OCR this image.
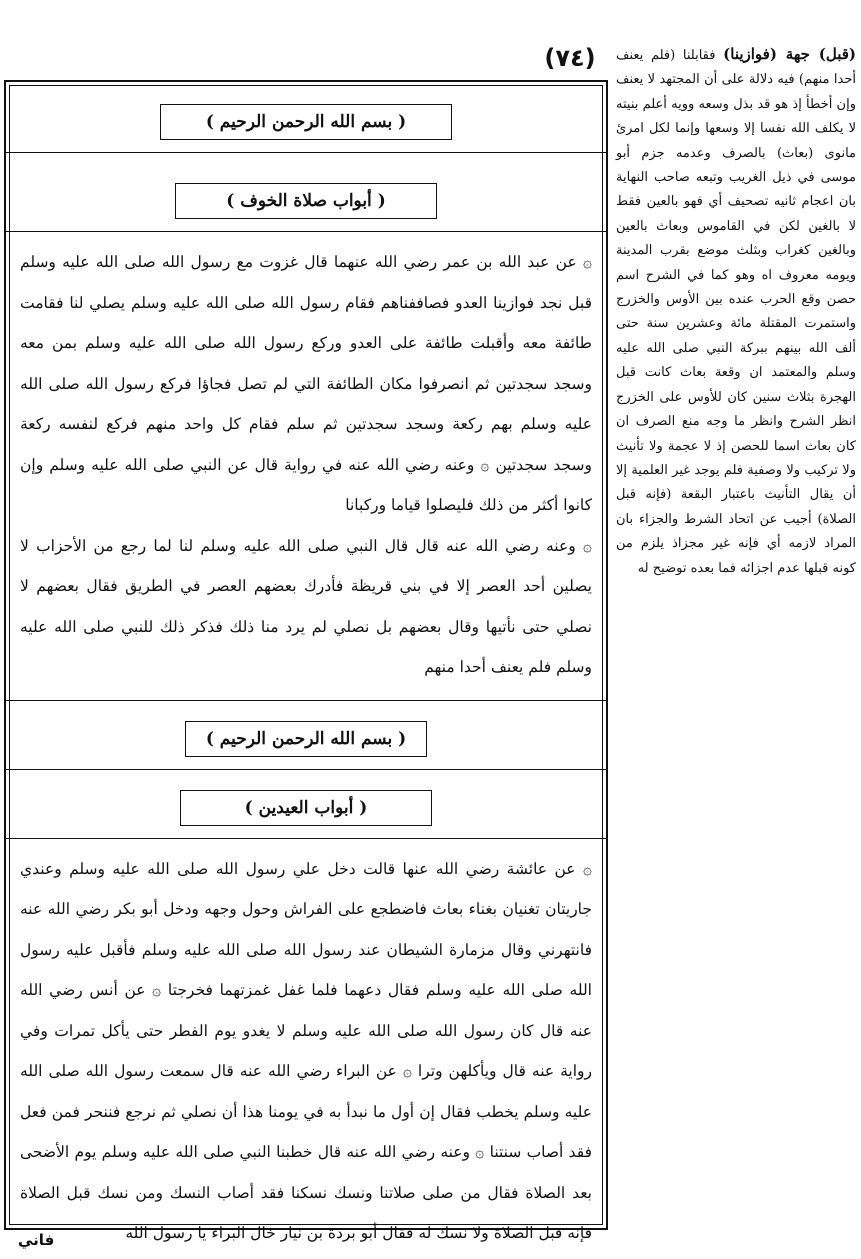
(٧٤)
( بسم الله الرحمن الرحيم )
( أبواب صلاة الخوف )
۞ عن عبد الله بن عمر رضي الله عنهما قال غزوت مع رسول الله صلى الله عليه وسلم قبل نجد فوازينا العدو فصاففناهم فقام رسول الله صلى الله عليه وسلم يصلي لنا فقامت طائفة معه وأقبلت طائفة على العدو وركع رسول الله صلى الله عليه وسلم بمن معه وسجد سجدتين ثم انصرفوا مكان الطائفة التي لم تصل فجاؤا فركع رسول الله صلى الله عليه وسلم بهم ركعة وسجد سجدتين ثم سلم فقام كل واحد منهم فركع لنفسه ركعة وسجد سجدتين ۞ وعنه رضي الله عنه في رواية قال عن النبي صلى الله عليه وسلم وإن كانوا أكثر من ذلك فليصلوا قياما وركبانا
۞ وعنه رضي الله عنه قال قال النبي صلى الله عليه وسلم لنا لما رجع من الأحزاب لا يصلين أحد العصر إلا في بني قريظة فأدرك بعضهم العصر في الطريق فقال بعضهم لا نصلي حتى نأتيها وقال بعضهم بل نصلي لم يرد منا ذلك فذكر ذلك للنبي صلى الله عليه وسلم فلم يعنف أحدا منهم
( بسم الله الرحمن الرحيم )
( أبواب العيدين )
۞ عن عائشة رضي الله عنها قالت دخل علي رسول الله صلى الله عليه وسلم وعندي جاريتان تغنيان بغناء بعاث فاضطجع على الفراش وحول وجهه ودخل أبو بكر رضي الله عنه فانتهرني وقال مزمارة الشيطان عند رسول الله صلى الله عليه وسلم فأقبل عليه رسول الله صلى الله عليه وسلم فقال دعهما فلما غفل غمزتهما فخرجتا ۞ عن أنس رضي الله عنه قال كان رسول الله صلى الله عليه وسلم لا يغدو يوم الفطر حتى يأكل تمرات وفي رواية عنه قال ويأكلهن وترا ۞ عن البراء رضي الله عنه قال سمعت رسول الله صلى الله عليه وسلم يخطب فقال إن أول ما نبدأ به في يومنا هذا أن نصلي ثم نرجع فننحر فمن فعل فقد أصاب سنتنا ۞ وعنه رضي الله عنه قال خطبنا النبي صلى الله عليه وسلم يوم الأضحى بعد الصلاة فقال من صلى صلاتنا ونسك نسكنا فقد أصاب النسك ومن نسك قبل الصلاة فإنه قبل الصلاة ولا نسك له فقال أبو بردة بن نيار خال البراء يا رسول الله
(قبل) جهة (فوازينا) فقابلنا (فلم يعنف أحدا منهم) فيه دلالة على أن المجتهد لا يعنف وإن أخطأ إذ هو قد بذل وسعه وويه أعلم بنيته لا يكلف الله نفسا إلا وسعها وإنما لكل امرئ مانوى (بعاث) بالصرف وعدمه جزم أبو موسى في ذيل الغريب وتبعه صاحب النهاية بان اعجام ثانيه تصحيف أي فهو بالعين فقط لا بالغين لكن في القاموس وبعاث بالعين وبالغين كغراب وبثلث موضع بقرب المدينة ويومه معروف اه وهو كما في الشرح اسم حصن وقع الحرب عنده بين الأوس والخزرج واستمرت المقتلة مائة وعشرين سنة حتى ألف الله بينهم ببركة النبي صلى الله عليه وسلم والمعتمد ان وقعة بعاث كانت قبل الهجرة بثلاث سنين كان للأوس على الخزرج انظر الشرح وانظر ما وجه منع الصرف ان كان بعاث اسما للحصن إذ لا عجمة ولا تأنيث ولا تركيب ولا وصفية فلم يوجد غير العلمية إلا أن يقال التأنيث باعتبار البقعة (فإنه قبل الصلاة) أجيب عن اتحاد الشرط والجزاء بان المراد لازمه أي فإنه غير مجزاذ يلزم من كونه قبلها عدم اجزائه فما بعده توضيح له
فاني
